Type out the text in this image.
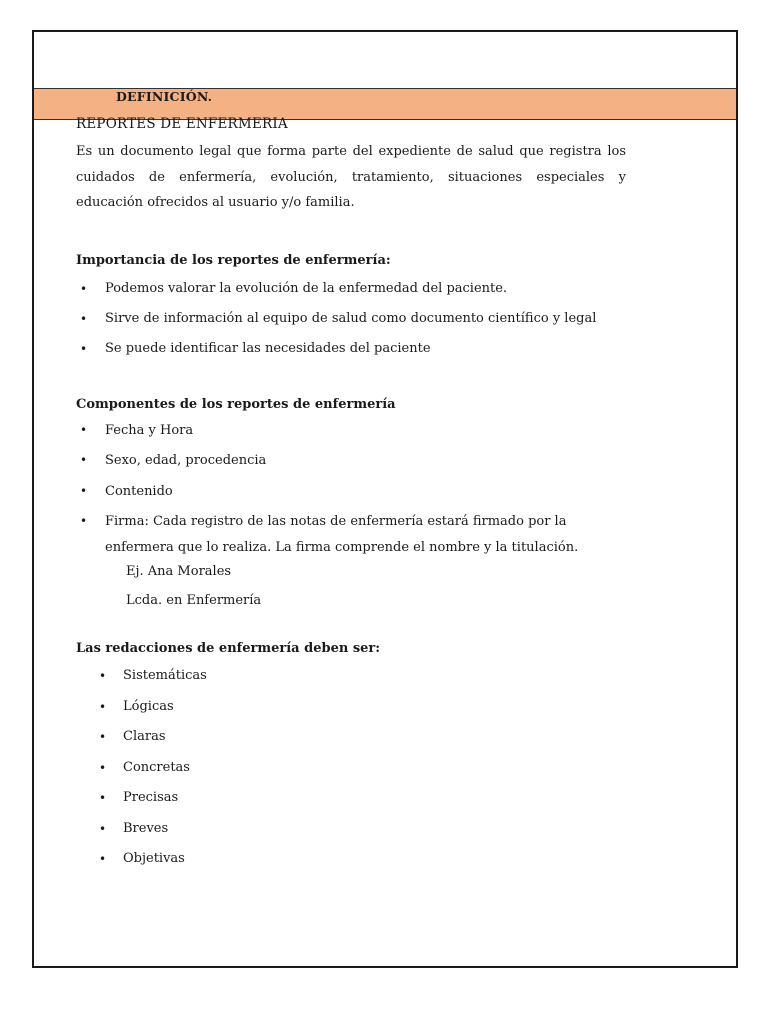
DEFINICIÓN.
REPORTES DE ENFERMERIA

Es un documento legal que forma parte del expediente de salud que registra los cuidados de enfermería, evolución, tratamiento, situaciones especiales y educación ofrecidos al usuario y/o familia.

Importancia de los reportes de enfermería:
• Podemos valorar la evolución de la enfermedad del paciente.
• Sirve de información al equipo de salud como documento científico y legal
• Se puede identificar las necesidades del paciente
Componentes de los reportes de enfermería
• Fecha y Hora
• Sexo, edad, procedencia
• Contenido
• Firma: Cada registro de las notas de enfermería estará firmado por la enfermera que lo realiza. La firma comprende el nombre y la titulación.
Ej. Ana Morales
Lcda. en Enfermería
Las redacciones de enfermería deben ser:
• Sistemáticas
• Lógicas
• Claras
• Concretas
• Precisas
• Breves
• Objetivas
